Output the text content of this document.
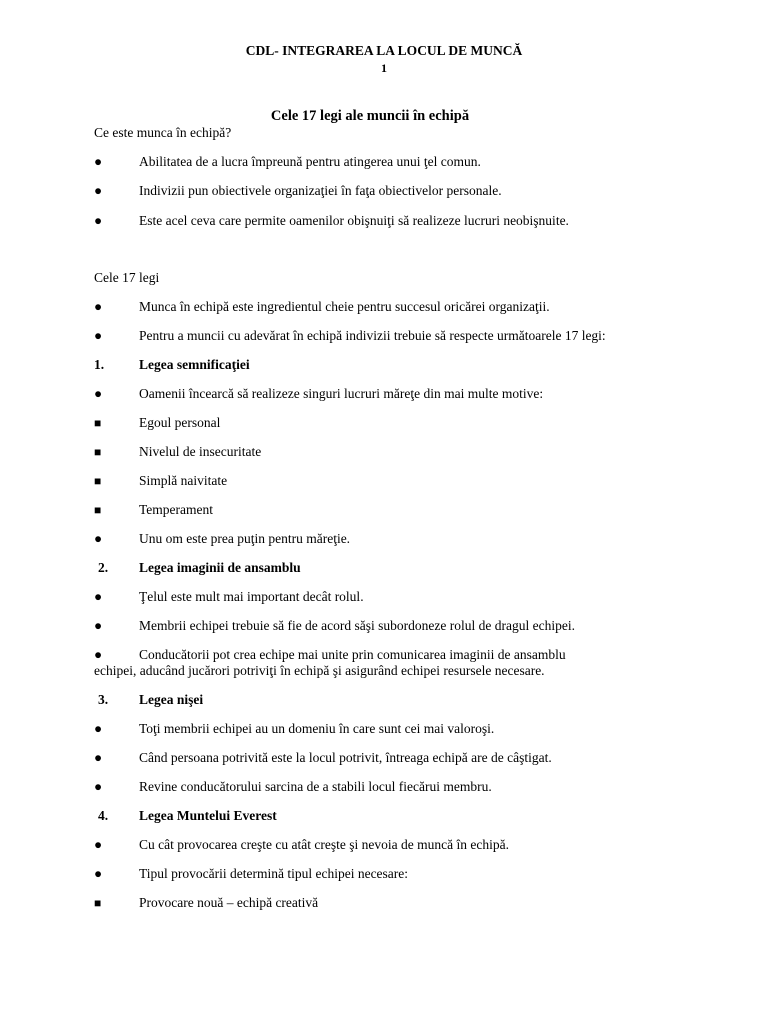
CDL- INTEGRAREA LA LOCUL DE MUNCĂ
1
Cele 17 legi ale muncii în echipă
Ce este munca în echipă?
●	Abilitatea de a lucra împreună pentru atingerea unui ţel comun.
●	Indivizii pun obiectivele organizaţiei în faţa obiectivelor personale.
●	Este acel ceva care permite oamenilor obişnuiţi să realizeze lucruri neobişnuite.
Cele 17 legi
●	Munca în echipă este ingredientul cheie pentru succesul oricărei organizaţii.
●	Pentru a muncii cu adevărat în echipă indivizii trebuie să respecte următoarele 17 legi:
1.	Legea semnificaţiei
●	Oamenii încearcă să realizeze singuri lucruri măreţe din mai multe motive:
■	Egoul personal
■	Nivelul de insecuritate
■	Simplă naivitate
■	Temperament
●	Unu om este prea puţin pentru măreţie.
2.	Legea imaginii de ansamblu
●	Ţelul este mult mai important decât rolul.
●	Membrii echipei trebuie să fie de acord săşi subordoneze rolul de dragul echipei.
●	Conducătorii pot crea echipe mai unite prin comunicarea imaginii de ansamblu
echipei, aducând jucărori potriviţi în echipă şi asigurând echipei resursele necesare.
3.	Legea nişei
●	Toţi membrii echipei au un domeniu în care sunt cei mai valoroşi.
●	Când persoana potrivită este la locul potrivit, întreaga echipă are de câştigat.
●	Revine conducătorului sarcina de a stabili locul fiecărui membru.
4.	Legea Muntelui Everest
●	Cu cât provocarea creşte cu atât creşte şi nevoia de muncă în echipă.
●	Tipul provocării determină tipul echipei necesare:
■	Provocare nouă – echipă creativă
